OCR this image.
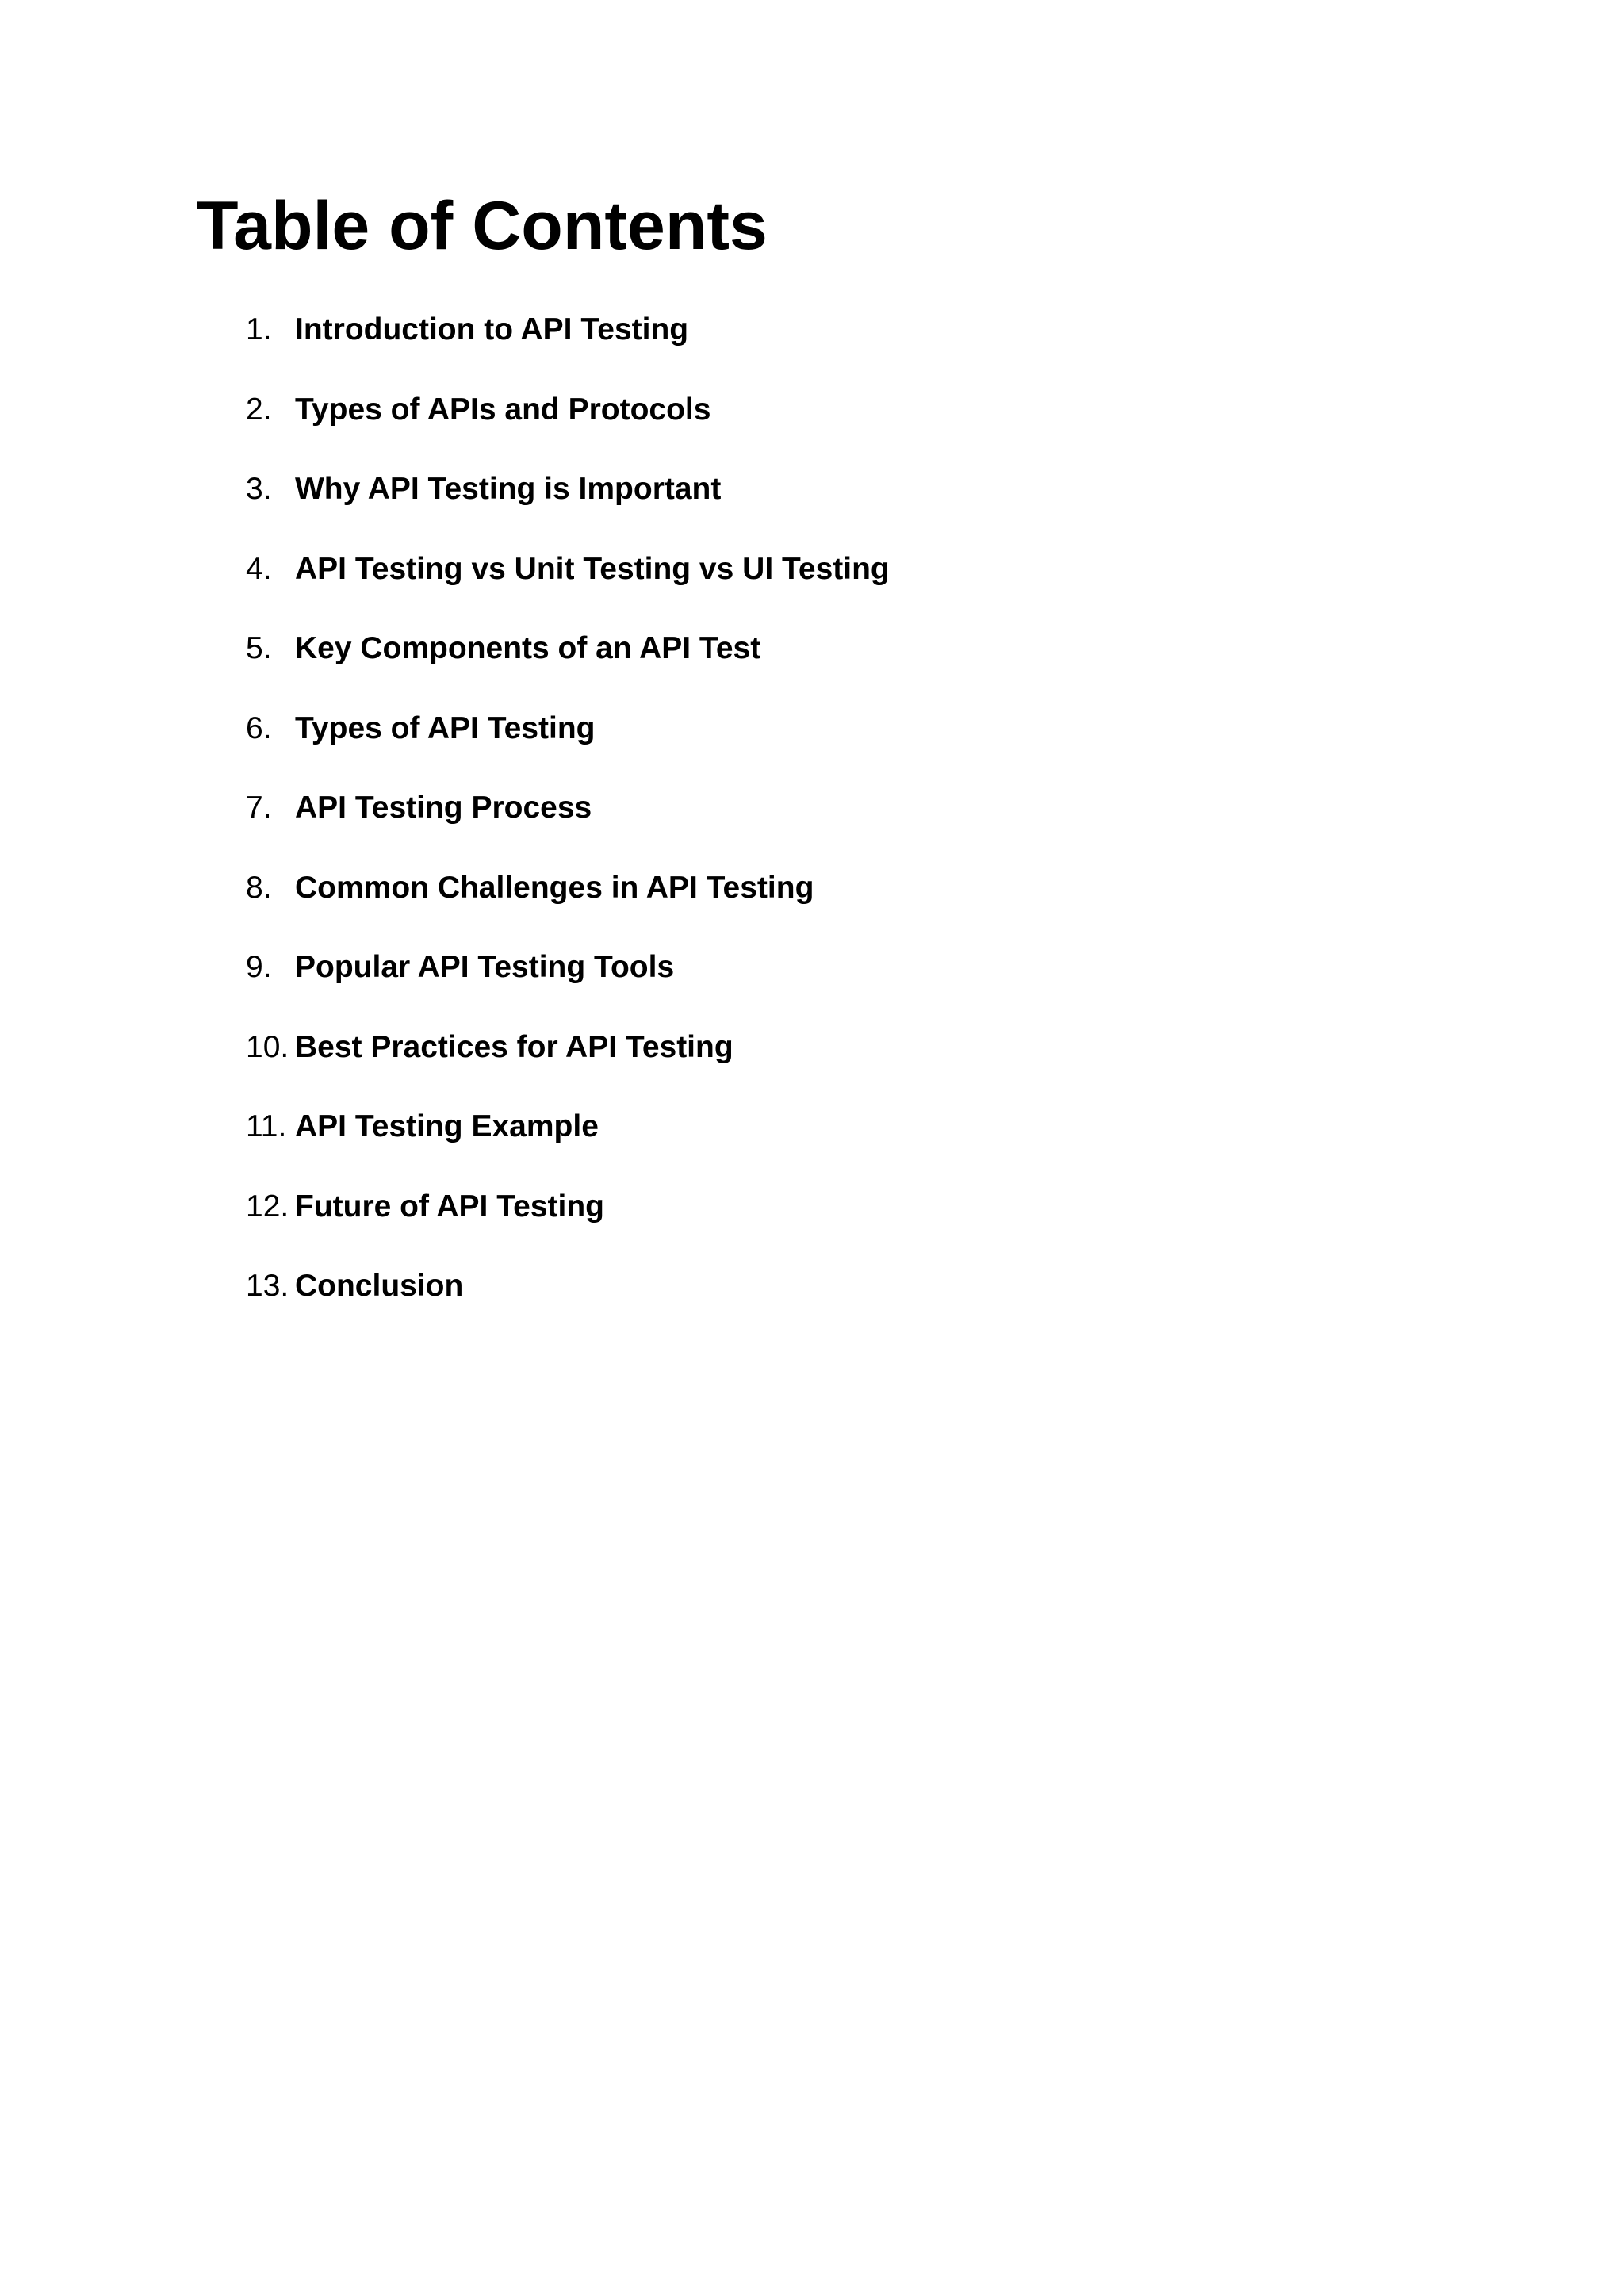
Table of Contents
1. Introduction to API Testing
2. Types of APIs and Protocols
3. Why API Testing is Important
4. API Testing vs Unit Testing vs UI Testing
5. Key Components of an API Test
6. Types of API Testing
7. API Testing Process
8. Common Challenges in API Testing
9. Popular API Testing Tools
10. Best Practices for API Testing
11. API Testing Example
12. Future of API Testing
13. Conclusion
